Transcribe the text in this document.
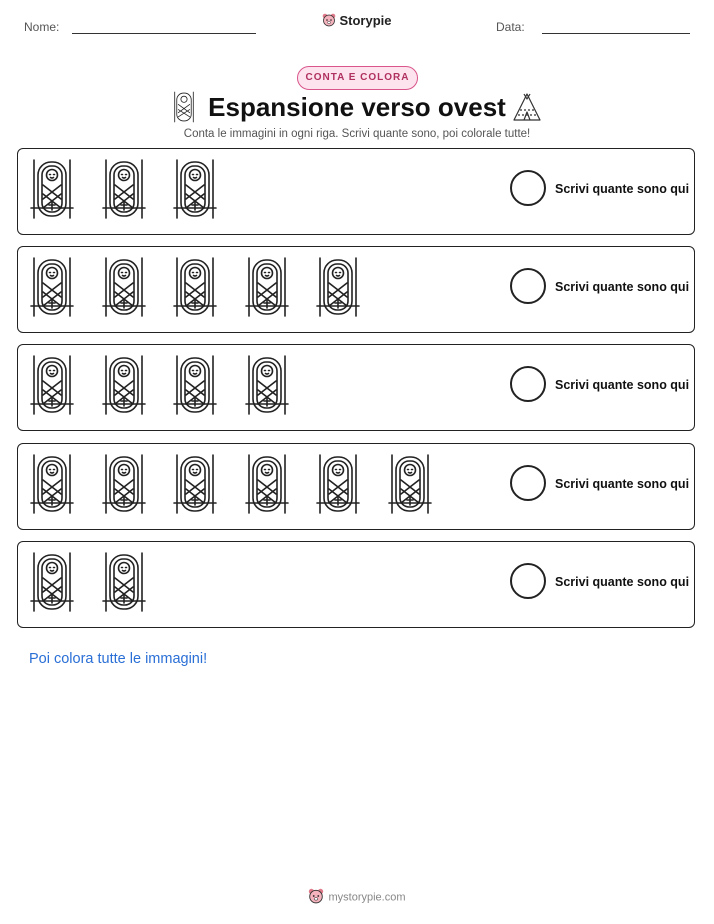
Nome:	Storypie	Data:
CONTA E COLORA
Espansione verso ovest
Conta le immagini in ogni riga. Scrivi quante sono, poi colorale tutte!
Scrivi quante sono qui
Scrivi quante sono qui
Scrivi quante sono qui
Scrivi quante sono qui
Scrivi quante sono qui
Poi colora tutte le immagini!
mystorypie.com
